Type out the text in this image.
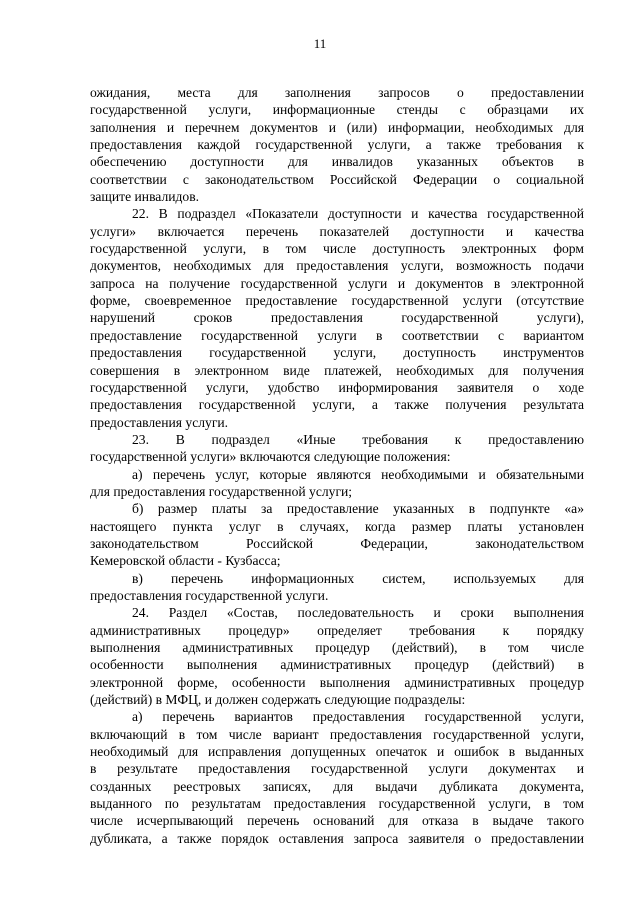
11

ожидания, места для заполнения запросов о предоставлении

государственной услуги, информационные стенды с образцами их

заполнения и перечнем документов и (или) информации, необходимых для

предоставления каждой государственной услуги, а также требования к

обеспечению доступности для инвалидов указанных объектов в

соответствии с законодательством Российской Федерации о социальной

защите инвалидов.

22. В подраздел «Показатели доступности и качества государственной

услуги» включается перечень показателей доступности и качества

государственной услуги, в том числе доступность электронных форм

документов, необходимых для предоставления услуги, возможность подачи

запроса на получение государственной услуги и документов в электронной

форме, своевременное предоставление государственной услуги (отсутствие

нарушений сроков предоставления государственной услуги),

предоставление государственной услуги в соответствии с вариантом

предоставления государственной услуги, доступность инструментов

совершения в электронном виде платежей, необходимых для получения

государственной услуги, удобство информирования заявителя о ходе

предоставления государственной услуги, а также получения результата

предоставления услуги.

23. В подраздел «Иные требования к предоставлению

государственной услуги» включаются следующие положения:

а) перечень услуг, которые являются необходимыми и обязательными

для предоставления государственной услуги;

б) размер платы за предоставление указанных в подпункте «а»

настоящего пункта услуг в случаях, когда размер платы установлен

законодательством Российской Федерации, законодательством

Кемеровской области - Кузбасса;

в) перечень информационных систем, используемых для

предоставления государственной услуги.

24. Раздел «Состав, последовательность и сроки выполнения

административных процедур» определяет требования к порядку

выполнения административных процедур (действий), в том числе

особенности выполнения административных процедур (действий) в

электронной форме, особенности выполнения административных процедур

(действий) в МФЦ, и должен содержать следующие подразделы:

а) перечень вариантов предоставления государственной услуги,

включающий в том числе вариант предоставления государственной услуги,

необходимый для исправления допущенных опечаток и ошибок в выданных

в результате предоставления государственной услуги документах и

созданных реестровых записях, для выдачи дубликата документа,

выданного по результатам предоставления государственной услуги, в том

числе исчерпывающий перечень оснований для отказа в выдаче такого

дубликата, а также порядок оставления запроса заявителя о предоставлении
